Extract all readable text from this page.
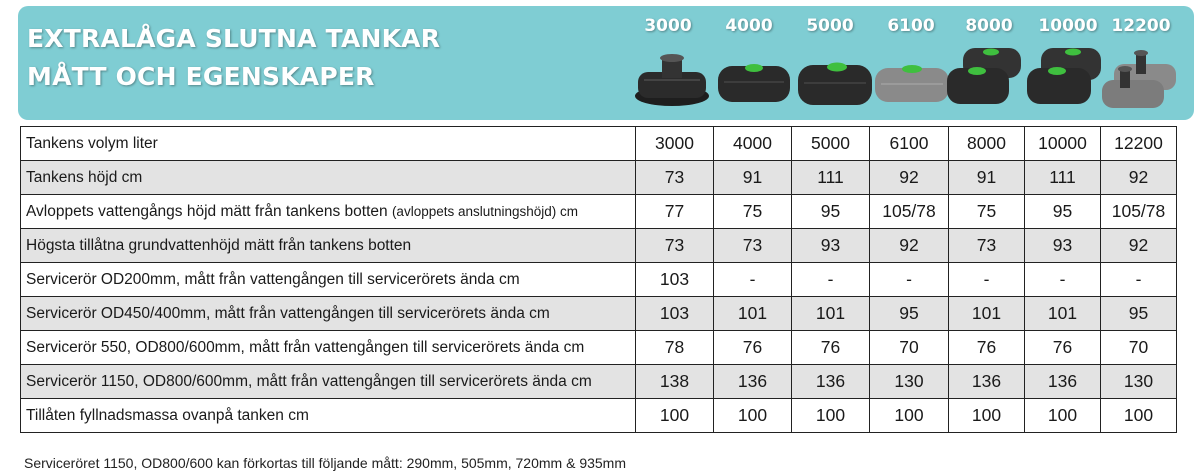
EXTRALÅGA SLUTNA TANKAR
MÅTT OCH EGENSKAPER
3000	4000	5000	6100	8000	10000 12200
Tankens volym liter	3000	4000	5000	6100	8000	10000	12200
Tankens höjd cm	73	91	111	92	91	111	92
Avloppets vattengångs höjd mätt från tankens botten (avloppets anslutningshöjd) cm	77	75	95	105/78	75	95	105/78
Högsta tillåtna grundvattenhöjd mätt från tankens botten	73	73	93	92	73	93	92
Servicerör OD200mm, mått från vattengången till servicerörets ända cm	103	-	-	-	-	-	-
Servicerör OD450/400mm, mått från vattengången till servicerörets ända cm	103	101	101	95	101	101	95
Servicerör 550, OD800/600mm, mått från vattengången till servicerörets ända cm	78	76	76	70	76	76	70
Servicerör 1150, OD800/600mm, mått från vattengången till servicerörets ända cm	138	136	136	130	136	136	130
Tillåten fyllnadsmassa ovanpå tanken cm	100	100	100	100	100	100	100
Serviceröret 1150, OD800/600 kan förkortas till följande mått: 290mm, 505mm, 720mm & 935mm
